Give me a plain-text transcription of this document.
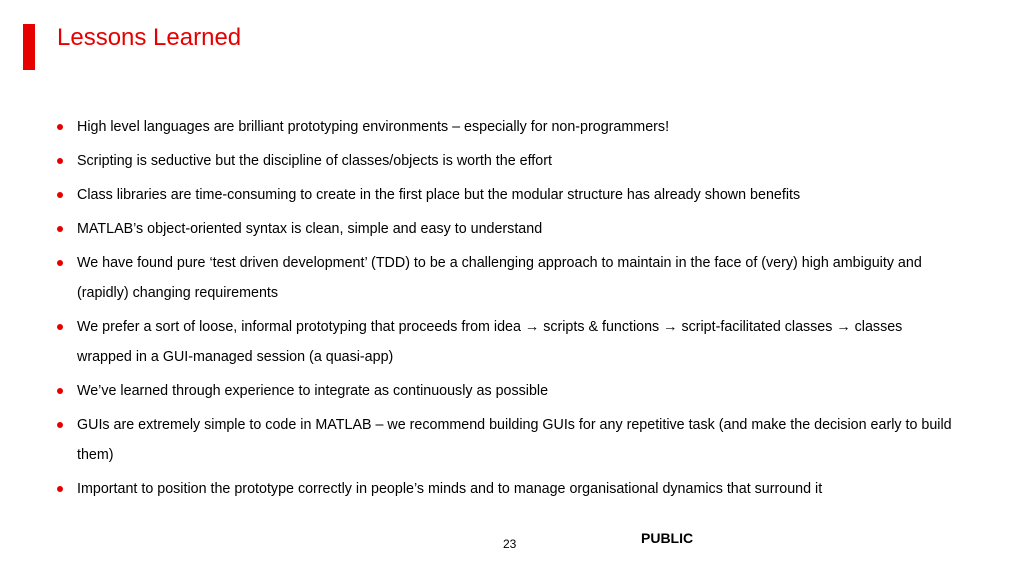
Lessons Learned
High level languages are brilliant prototyping environments – especially for non-programmers!
Scripting is seductive but the discipline of classes/objects is worth the effort
Class libraries are time-consuming to create in the first place but the modular structure has already shown benefits
MATLAB’s object-oriented syntax is clean, simple and easy to understand
We have found pure ‘test driven development’ (TDD) to be a challenging approach to maintain in the face of (very) high ambiguity and (rapidly) changing requirements
We prefer a sort of loose, informal prototyping that proceeds from idea → scripts & functions → script-facilitated classes → classes wrapped in a GUI-managed session (a quasi-app)
We’ve learned through experience to integrate as continuously as possible
GUIs are extremely simple to code in MATLAB – we recommend building GUIs for any repetitive task (and make the decision early to build them)
Important to position the prototype correctly in people’s minds and to manage organisational dynamics that surround it
23	PUBLIC
